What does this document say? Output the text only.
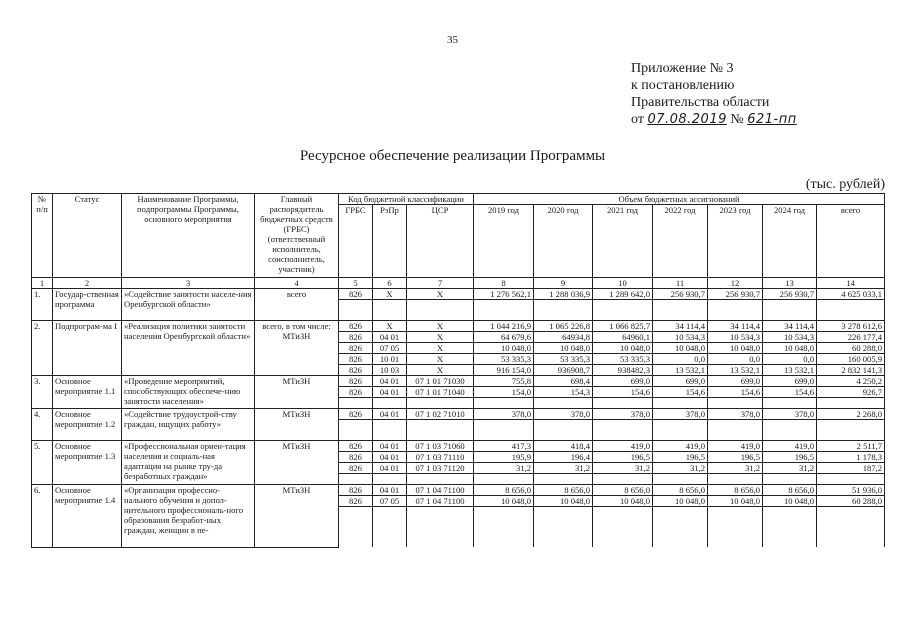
35
Приложение № 3
к постановлению
Правительства области
от 07.08.2019 № 621-пп
Ресурсное обеспечение реализации Программы
(тыс. рублей)
№ п/п	Статус	Наименование Программы, подпрограммы Программы, основного мероприятия	Главный распорядитель бюджетных средств (ГРБС) (ответственный исполнитель, соисполнитель, участник)	Код бюджетной классификации			Объем бюджетных ассигнований						
				ГРБС	РзПр	ЦСР	2019 год	2020 год	2021 год	2022 год	2023 год	2024 год	всего
1	2	3	4	5	6	7	8	9	10	11	12	13	14
1.	Государ-ственная программа	«Содействие занятости населе-ния Оренбургской области»	всего	826	Х	Х	1 276 562,1	1 288 036,9	1 289 642,0	256 930,7	256 930,7	256 930,7	4 625 033,1

2.	Подпрограм-ма I	«Реализация политики занятости населения Оренбургской области»	всего, в том числе: МТиЗН	826	Х	Х	1 044 216,9	1 065 226,8	1 066 825,7	34 114,4	34 114,4	34 114,4	3 278 612,6
				826	04 01	Х	64 679,6	64934,8	64960,1	10 534,3	10 534,3	10 534,3	226 177,4
				826	07 05	Х	10 048,0	10 048,0	10 048,0	10 048,0	10 048,0	10 048,0	60 288,0
				826	10 01	Х	53 335,3	53 335,3	53 335,3	0,0	0,0	0,0	160 005,9
				826	10 03	Х	916 154,0	936908,7	938482,3	13 532,1	13 532,1	13 532,1	2 832 141,3
3.	Основное мероприятие 1.1	«Проведение мероприятий, способствующих обеспече-нию занятости населения»	МТиЗН	826	04 01	07 1 01 71030	755,8	698,4	699,0	699,0	699,0	699,0	4 250,2
				826	04 01	07 1 01 71040	154,0	154,3	154,6	154,6	154,6	154,6	926,7

4.	Основное мероприятие 1.2	«Содействие трудоустрой-ству граждан, ищущих работу»	МТиЗН	826	04 01	07 1 02 71010	378,0	378,0	378,0	378,0	378,0	378,0	2 268,0

5.	Основное мероприятие 1.3	«Профессиональная ориен-тация населения и социаль-ная адаптация на рынке тру-да безработных граждан»	МТиЗН	826	04 01	07 1 03 71060	417,3	418,4	419,0	419,0	419,0	419,0	2 511,7
				826	04 01	07 1 03 71110	195,9	196,4	196,5	196,5	196,5	196,5	1 178,3
				826	04 01	07 1 03 71120	31,2	31,2	31,2	31,2	31,2	31,2	187,2

6.	Основное мероприятие 1.4	«Организация профессио-нального обучения и допол-нительного профессиональ-ного образования безработ-ных граждан, женщин в пе-	МТиЗН	826	04 01	07 1 04 71100	8 656,0	8 656,0	8 656,0	8 656,0	8 656,0	8 656,0	51 936,0
				826	07 05	07 1 04 71100	10 048,0	10 048,0	10 048,0	10 048,0	10 048,0	10 048,0	60 288,0
